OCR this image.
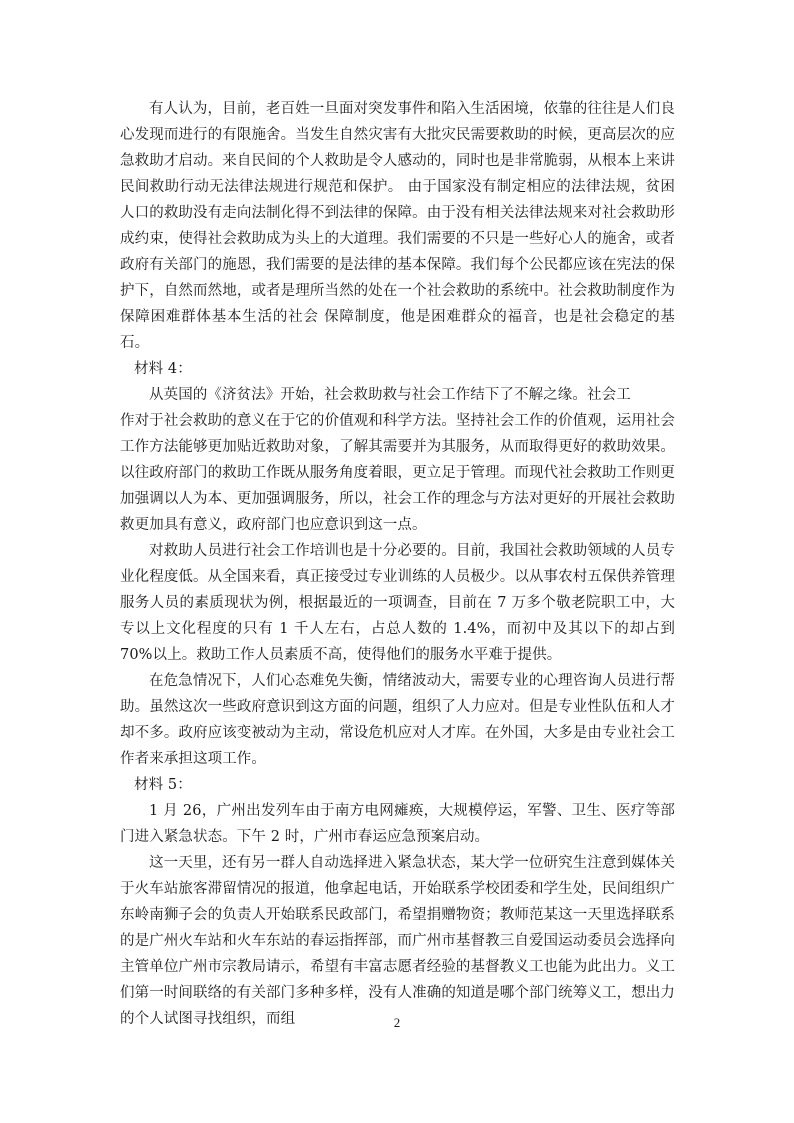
有人认为，目前，老百姓一旦面对突发事件和陷入生活困境，依靠的往往是人们良心发现而进行的有限施舍。当发生自然灾害有大批灾民需要救助的时候，更高层次的应急救助才启动。来自民间的个人救助是令人感动的，同时也是非常脆弱，从根本上来讲民间救助行动无法律法规进行规范和保护。 由于国家没有制定相应的法律法规，贫困人口的救助没有走向法制化得不到法律的保障。由于没有相关法律法规来对社会救助形成约束，使得社会救助成为头上的大道理。我们需要的不只是一些好心人的施舍，或者政府有关部门的施恩，我们需要的是法律的基本保障。我们每个公民都应该在宪法的保护下，自然而然地，或者是理所当然的处在一个社会救助的系统中。社会救助制度作为保障困难群体基本生活的社会 保障制度，他是困难群众的福音，也是社会稳定的基石。

材料 4：

从英国的《济贫法》开始，社会救助救与社会工作结下了不解之缘。社会工

作对于社会救助的意义在于它的价值观和科学方法。坚持社会工作的价值观，运用社会工作方法能够更加贴近救助对象，了解其需要并为其服务，从而取得更好的救助效果。以往政府部门的救助工作既从服务角度着眼，更立足于管理。而现代社会救助工作则更加强调以人为本、更加强调服务，所以，社会工作的理念与方法对更好的开展社会救助救更加具有意义，政府部门也应意识到这一点。

对救助人员进行社会工作培训也是十分必要的。目前，我国社会救助领域的人员专业化程度低。从全国来看，真正接受过专业训练的人员极少。以从事农村五保供养管理服务人员的素质现状为例，根据最近的一项调查，目前在 7 万多个敬老院职工中，大专以上文化程度的只有 1 千人左右，占总人数的 1.4%，而初中及其以下的却占到 70%以上。救助工作人员素质不高，使得他们的服务水平难于提供。

在危急情况下，人们心态难免失衡，情绪波动大，需要专业的心理咨询人员进行帮助。虽然这次一些政府意识到这方面的问题，组织了人力应对。但是专业性队伍和人才却不多。政府应该变被动为主动，常设危机应对人才库。在外国，大多是由专业社会工作者来承担这项工作。

材料 5：

1 月 26，广州出发列车由于南方电网瘫痪，大规模停运，军警、卫生、医疗等部门进入紧急状态。下午 2 时，广州市春运应急预案启动。

这一天里，还有另一群人自动选择进入紧急状态，某大学一位研究生注意到媒体关于火车站旅客滞留情况的报道，他拿起电话，开始联系学校团委和学生处，民间组织广东岭南狮子会的负责人开始联系民政部门，希望捐赠物资；教师范某这一天里选择联系的是广州火车站和火车东站的春运指挥部，而广州市基督教三自爱国运动委员会选择向主管单位广州市宗教局请示，希望有丰富志愿者经验的基督教义工也能为此出力。义工们第一时间联络的有关部门多种多样，没有人准确的知道是哪个部门统筹义工，想出力的个人试图寻找组织，而组	2
